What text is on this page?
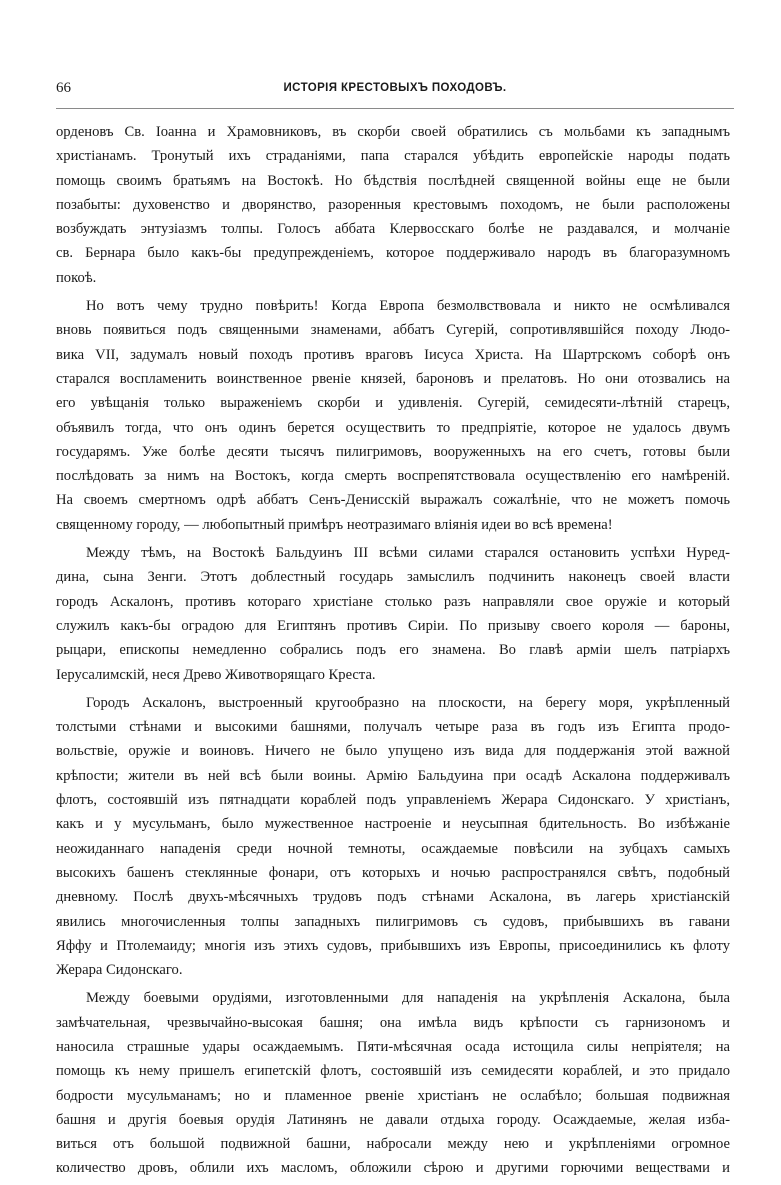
66	ИСТОРІЯ КРЕСТОВЫХЪ ПОХОДОВЪ.

орденовъ Св. Іоанна и Храмовниковъ, въ скорби своей обратились съ мольбами къ западнымъ
христіанамъ. Тронутый ихъ страданіями, папа старался убѣдить европейскіе народы подать
помощь своимъ братьямъ на Востокѣ. Но бѣдствія послѣдней священной войны еще не были
позабыты: духовенство и дворянство, разоренныя крестовымъ походомъ, не были расположены
возбуждать энтузіазмъ толпы. Голосъ аббата Клервосскаго болѣе не раздавался, и молчаніе
св. Бернара было какъ-бы предупрежденіемъ, которое поддерживало народъ въ благоразумномъ
покоѣ.

Но вотъ чему трудно повѣрить! Когда Европа безмолвствовала и никто не осмѣливался
вновь появиться подъ священными знаменами, аббатъ Сугерій, сопротивлявшійся походу Людо-
вика VII, задумалъ новый походъ противъ враговъ Іисуса Христа. На Шартрскомъ соборѣ онъ
старался воспламенить воинственное рвеніе князей, бароновъ и прелатовъ. Но они отозвались на
его увѣщанія только выраженіемъ скорби и удивленія. Сугерій, семидесяти-лѣтній старецъ,
объявилъ тогда, что онъ одинъ берется осуществить то предпріятіе, которое не удалось двумъ
государямъ. Уже болѣе десяти тысячъ пилигримовъ, вооруженныхъ на его счетъ, готовы были
послѣдовать за нимъ на Востокъ, когда смерть воспрепятствовала осуществленію его намѣреній.
На своемъ смертномъ одрѣ аббатъ Сенъ-Денисскій выражалъ сожалѣніе, что не можетъ помочь
священному городу, — любопытный примѣръ неотразимаго вліянія идеи во всѣ времена!

Между тѣмъ, на Востокѣ Бальдуинъ III всѣми силами старался остановить успѣхи Нуред-
дина, сына Зенги. Этотъ доблестный государь замыслилъ подчинить наконецъ своей власти
городъ Аскалонъ, противъ котораго христіане столько разъ направляли свое оружіе и который
служилъ какъ-бы оградою для Египтянъ противъ Сиріи. По призыву своего короля — бароны,
рыцари, епископы немедленно собрались подъ его знамена. Во главѣ арміи шелъ патріархъ
Іерусалимскій, неся Древо Животворящаго Креста.

Городъ Аскалонъ, выстроенный кругообразно на плоскости, на берегу моря, укрѣпленный
толстыми стѣнами и высокими башнями, получалъ четыре раза въ годъ изъ Египта продо-
вольствіе, оружіе и воиновъ. Ничего не было упущено изъ вида для поддержанія этой важной
крѣпости; жители въ ней всѣ были воины. Армію Бальдуина при осадѣ Аскалона поддерживалъ
флотъ, состоявшій изъ пятнадцати кораблей подъ управленіемъ Жерара Сидонскаго. У христіанъ,
какъ и у мусульманъ, было мужественное настроеніе и неусыпная бдительность. Во избѣжаніе
неожиданнаго нападенія среди ночной темноты, осаждаемые повѣсили на зубцахъ самыхъ
высокихъ башенъ стеклянные фонари, отъ которыхъ и ночью распространялся свѣтъ, подобный
дневному. Послѣ двухъ-мѣсячныхъ трудовъ подъ стѣнами Аскалона, въ лагерь христіанскій
явились многочисленныя толпы западныхъ пилигримовъ съ судовъ, прибывшихъ въ гавани
Яффу и Птолемаиду; многія изъ этихъ судовъ, прибывшихъ изъ Европы, присоединились къ флоту
Жерара Сидонскаго.

Между боевыми орудіями, изготовленными для нападенія на укрѣпленія Аскалона, была
замѣчательная, чрезвычайно-высокая башня; она имѣла видъ крѣпости съ гарнизономъ и
наносила страшные удары осаждаемымъ. Пяти-мѣсячная осада истощила силы непріятеля; на
помощь къ нему пришелъ египетскій флотъ, состоявшій изъ семидесяти кораблей, и это придало
бодрости мусульманамъ; но и пламенное рвеніе христіанъ не ослабѣло; большая подвижная
башня и другія боевыя орудія Латинянъ не давали отдыха городу. Осаждаемые, желая изба-
виться отъ большой подвижной башни, набросали между нею и укрѣпленіями огромное
количество дровъ, облили ихъ масломъ, обложили сѣрою и другими горючими веществами и
